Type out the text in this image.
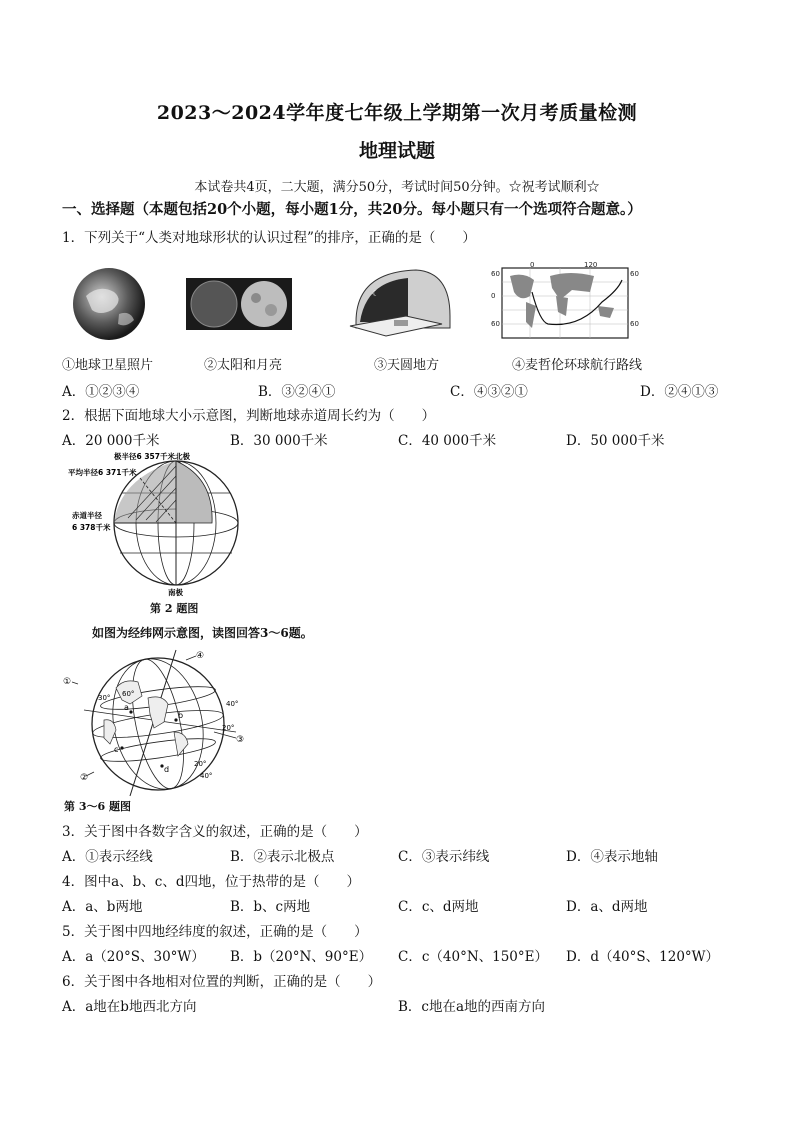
2023～2024学年度七年级上学期第一次月考质量检测
地理试题
本试卷共4页，二大题，满分50分，考试时间50分钟。☆祝考试顺利☆
一、选择题（本题包括20个小题，每小题1分，共20分。每小题只有一个选项符合题意。）
1．下列关于“人类对地球形状的认识过程”的排序，正确的是（　　）
☾
60
0
60
60
60
0	120
①地球卫星照片	②太阳和月亮	③天圆地方	④麦哲伦环球航行路线
A．①②③④	B．③②④①	C．④③②①	D．②④①③
2．根据下面地球大小示意图，判断地球赤道周长约为（　　）
A．20 000千米	B．30 000千米	C．40 000千米	D．50 000千米
极半径6 357千米北极
平均半径6 371千米
赤道半径
6 378千米
南极
第 2 题图
如图为经纬网示意图，读图回答3～6题。
a
b
c
d
①
②
③
④
30° 60°
40°
20°
20°
40°
第 3～6 题图
3．关于图中各数字含义的叙述，正确的是（　　）
A．①表示经线	B．②表示北极点	C．③表示纬线	D．④表示地轴
4．图中a、b、c、d四地，位于热带的是（　　）
A．a、b两地	B．b、c两地	C．c、d两地	D．a、d两地
5．关于图中四地经纬度的叙述，正确的是（　　）
A．a（20°S、30°W） B．b（20°N、90°E） C．c（40°N、150°E） D．d（40°S、120°W）
6．关于图中各地相对位置的判断，正确的是（　　）
A．a地在b地西北方向	B．c地在a地的西南方向
